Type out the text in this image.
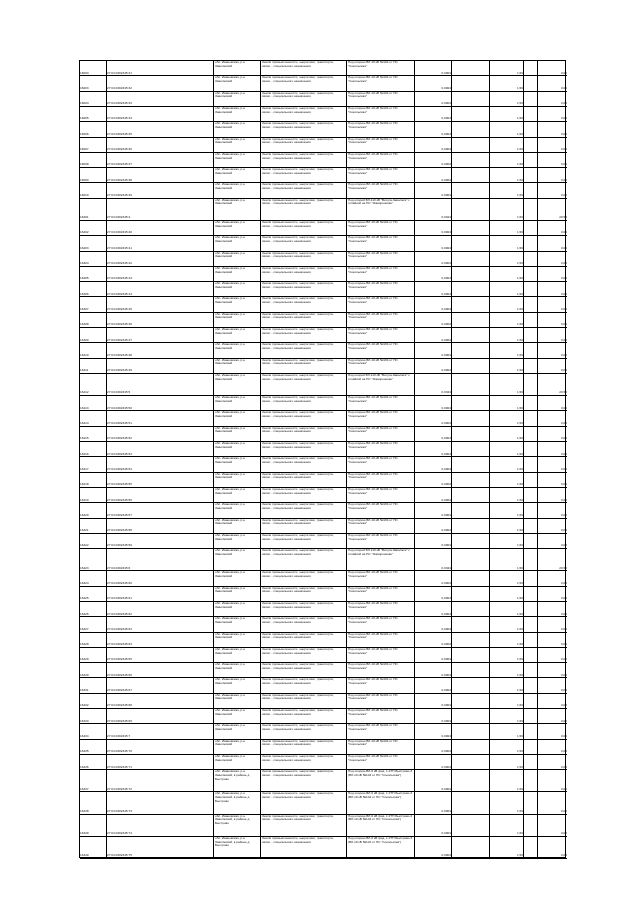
16003	27:04:0302345:31
обл. Ивановская, р-н Заволжский
Земли промышленности, энергетики, транспорта, связи... специального назначения
Под опорою ВЛ-10 кВ №104 от ПС "Сокольская"
0,0004	1,50	0,06
16003	27:04:0302345:32
обл. Ивановская, р-н Заволжский
Земли промышленности, энергетики, транспорта, связи... специального назначения
Под опорою ВЛ-10 кВ №104 от ПС "Сокольская"
0,0004	1,50	0,06
16004	27:04:0302345:33
обл. Ивановская, р-н Заволжский
Земли промышленности, энергетики, транспорта, связи... специального назначения
Под опорою ВЛ-10 кВ №104 от ПС "Сокольская"
0,0004	1,50	0,06
16005	27:04:0302345:34
обл. Ивановская, р-н Заволжский
Земли промышленности, энергетики, транспорта, связи... специального назначения
Под опорою ВЛ-10 кВ №104 от ПС "Сокольская"
0,0004	1,50	0,06
16006	27:04:0302345:35
обл. Ивановская, р-н Заволжский
Земли промышленности, энергетики, транспорта, связи... специального назначения
Под опорою ВЛ-10 кВ №104 от ПС "Сокольская"
0,0004	1,50	0,06
16007	27:04:0302345:36
обл. Ивановская, р-н Заволжский
Земли промышленности, энергетики, транспорта, связи... специального назначения
Под опорою ВЛ-10 кВ №104 от ПС "Сокольская"
0,0004	1,50	0,06
16008	27:04:0302345:37
обл. Ивановская, р-н Заволжский
Земли промышленности, энергетики, транспорта, связи... специального назначения
Под опорою ВЛ-10 кВ №104 от ПС "Сокольская"
0,0004	1,50	0,06
16009	27:04:0302345:38
обл. Ивановская, р-н Заволжский
Земли промышленности, энергетики, транспорта, связи... специального назначения
Под опорою ВЛ-10 кВ №104 от ПС "Сокольская"
0,0004	1,50	0,06
16010	27:04:0302345:39
обл. Ивановская, р-н Заволжский
Земли промышленности, энергетики, транспорта, связи... специального назначения
Под опорою ВЛ-10 кВ №104 от ПС "Сокольская"
0,0004	1,50	0,06
16401	27:04:0302345:4
обл. Ивановская, р-н Заволжский
Земли промышленности, энергетики, транспорта, связи... специального назначения
Под опорой ВЛ-110 кВ "Вичуга-Заволжск" с отпайкой на ПС "Жаворонково"
0,0324	1,50	20,50
16402	27:04:0302345:40
обл. Ивановская, р-н Заволжский
Земли промышленности, энергетики, транспорта, связи... специального назначения
Под опорою ВЛ-10 кВ №104 от ПС "Сокольская"
0,0004	1,50	0,06
16403	27:04:0302345:41
обл. Ивановская, р-н Заволжский
Земли промышленности, энергетики, транспорта, связи... специального назначения
Под опорою ВЛ-10 кВ №104 от ПС "Сокольская"
0,0004	1,50	0,06
16404	27:04:0302345:42
обл. Ивановская, р-н Заволжский
Земли промышленности, энергетики, транспорта, связи... специального назначения
Под опорою ВЛ-10 кВ №104 от ПС "Сокольская"
0,0004	1,50	0,06
16405	27:04:0302345:43
обл. Ивановская, р-н Заволжский
Земли промышленности, энергетики, транспорта, связи... специального назначения
Под опорою ВЛ-10 кВ №104 от ПС "Сокольская"
0,0004	1,50	0,06
16406	27:04:0302345:44
обл. Ивановская, р-н Заволжский
Земли промышленности, энергетики, транспорта, связи... специального назначения
Под опорою ВЛ-10 кВ №104 от ПС "Сокольская"
0,0004	1,50	0,06
16407	27:04:0302345:45
обл. Ивановская, р-н Заволжский
Земли промышленности, энергетики, транспорта, связи... специального назначения
Под опорою ВЛ-10 кВ №104 от ПС "Сокольская"
0,0004	1,50	0,06
16408	27:04:0302345:46
обл. Ивановская, р-н Заволжский
Земли промышленности, энергетики, транспорта, связи... специального назначения
Под опорою ВЛ-10 кВ №104 от ПС "Сокольская"
0,0004	1,50	0,06
16409	27:04:0302345:47
обл. Ивановская, р-н Заволжский
Земли промышленности, энергетики, транспорта, связи... специального назначения
Под опорою ВЛ-10 кВ №104 от ПС "Сокольская"
0,0004	1,50	0,06
16410	27:04:0302345:48
обл. Ивановская, р-н Заволжский
Земли промышленности, энергетики, транспорта, связи... специального назначения
Под опорою ВЛ-10 кВ №104 от ПС "Сокольская"
0,0004	1,50	0,06
16411	27:04:0302345:49
обл. Ивановская, р-н Заволжский
Земли промышленности, энергетики, транспорта, связи... специального назначения
Под опорою ВЛ-10 кВ №104 от ПС "Сокольская"
0,0004	1,50	0,06
16412	27:04:0302345:5
обл. Ивановская, р-н Заволжский
Земли промышленности, энергетики, транспорта, связи... специального назначения
Под опорой ВЛ-110 кВ "Вичуга-Заволжск" с отпайкой на ПС "Жаворонково"
0,0324	1,50	20,50
16413	27:04:0302345:50
обл. Ивановская, р-н Заволжский
Земли промышленности, энергетики, транспорта, связи... специального назначения
Под опорою ВЛ-10 кВ №104 от ПС "Сокольская"
0,0004	1,50	0,06
16414	27:04:0302345:51
обл. Ивановская, р-н Заволжский
Земли промышленности, энергетики, транспорта, связи... специального назначения
Под опорою ВЛ-10 кВ №104 от ПС "Сокольская"
0,0004	1,50	0,06
16415	27:04:0302345:52
обл. Ивановская, р-н Заволжский
Земли промышленности, энергетики, транспорта, связи... специального назначения
Под опорою ВЛ-10 кВ №104 от ПС "Сокольская"
0,0004	1,50	0,06
16416	27:04:0302345:53
обл. Ивановская, р-н Заволжский
Земли промышленности, энергетики, транспорта, связи... специального назначения
Под опорою ВЛ-10 кВ №104 от ПС "Сокольская"
0,0004	1,50	0,06
16417	27:04:0302345:54
обл. Ивановская, р-н Заволжский
Земли промышленности, энергетики, транспорта, связи... специального назначения
Под опорою ВЛ-10 кВ №104 от ПС "Сокольская"
0,0004	1,50	0,06
16418	27:04:0302345:55
обл. Ивановская, р-н Заволжский
Земли промышленности, энергетики, транспорта, связи... специального назначения
Под опорою ВЛ-10 кВ №104 от ПС "Сокольская"
0,0004	1,50	0,06
16419	27:04:0302345:56
обл. Ивановская, р-н Заволжский
Земли промышленности, энергетики, транспорта, связи... специального назначения
Под опорою ВЛ-10 кВ №104 от ПС "Сокольская"
0,0004	1,50	0,06
16420	27:04:0302345:57
обл. Ивановская, р-н Заволжский
Земли промышленности, энергетики, транспорта, связи... специального назначения
Под опорою ВЛ-10 кВ №104 от ПС "Сокольская"
0,0004	1,50	0,06
16421	27:04:0302345:58
обл. Ивановская, р-н Заволжский
Земли промышленности, энергетики, транспорта, связи... специального назначения
Под опорою ВЛ-10 кВ №104 от ПС "Сокольская"
0,0004	1,50	0,06
16422	27:04:0302345:59
обл. Ивановская, р-н Заволжский
Земли промышленности, энергетики, транспорта, связи... специального назначения
Под опорою ВЛ-10 кВ №104 от ПС "Сокольская"
0,0004	1,50	0,06
16423	27:04:0302345:6
обл. Ивановская, р-н Заволжский
Земли промышленности, энергетики, транспорта, связи... специального назначения
Под опорой ВЛ-110 кВ "Вичуга-Заволжск" с отпайкой на ПС "Жаворонково"
0,0324	1,50	20,50
16424	27:04:0302345:60
обл. Ивановская, р-н Заволжский
Земли промышленности, энергетики, транспорта, связи... специального назначения
Под опорою ВЛ-10 кВ №104 от ПС "Сокольская"
0,0004	1,50	0,06
16425	27:04:0302345:61
обл. Ивановская, р-н Заволжский
Земли промышленности, энергетики, транспорта, связи... специального назначения
Под опорою ВЛ-10 кВ №104 от ПС "Сокольская"
0,0004	1,50	0,06
16426	27:04:0302345:62
обл. Ивановская, р-н Заволжский
Земли промышленности, энергетики, транспорта, связи... специального назначения
Под опорою ВЛ-10 кВ №104 от ПС "Сокольская"
0,0004	1,50	0,06
16427	27:04:0302345:63
обл. Ивановская, р-н Заволжский
Земли промышленности, энергетики, транспорта, связи... специального назначения
Под опорою ВЛ-10 кВ №104 от ПС "Сокольская"
0,0004	1,50	0,06
16428	27:04:0302345:64
обл. Ивановская, р-н Заволжский
Земли промышленности, энергетики, транспорта, связи... специального назначения
Под опорою ВЛ-10 кВ №104 от ПС "Сокольская"
0,0004	1,50	0,06
16429	27:04:0302345:65
обл. Ивановская, р-н Заволжский
Земли промышленности, энергетики, транспорта, связи... специального назначения
Под опорою ВЛ-10 кВ №104 от ПС "Сокольская"
0,0004	1,50	0,06
16430	27:04:0302345:66
обл. Ивановская, р-н Заволжский
Земли промышленности, энергетики, транспорта, связи... специального назначения
Под опорою ВЛ-10 кВ №104 от ПС "Сокольская"
0,0004	1,50	0,06
16431	27:04:0302345:67
обл. Ивановская, р-н Заволжский
Земли промышленности, энергетики, транспорта, связи... специального назначения
Под опорою ВЛ-10 кВ №104 от ПС "Сокольская"
0,0004	1,50	0,06
16432	27:04:0302345:68
обл. Ивановская, р-н Заволжский
Земли промышленности, энергетики, транспорта, связи... специального назначения
Под опорою ВЛ-10 кВ №104 от ПС "Сокольская"
0,0004	1,50	0,06
16433	27:04:0302345:69
обл. Ивановская, р-н Заволжский
Земли промышленности, энергетики, транспорта, связи... специального назначения
Под опорою ВЛ-10 кВ №104 от ПС "Сокольская"
0,0004	1,50	0,06
16434	27:04:0302345:7
обл. Ивановская, р-н Заволжский
Земли промышленности, энергетики, транспорта, связи... специального назначения
Под опорою ВЛ-10 кВ №104 от ПС "Сокольская"
0,0004	1,50	0,06
16435	27:04:0302345:70
обл. Ивановская, р-н Заволжский
Земли промышленности, энергетики, транспорта, связи... специального назначения
Под опорою ВЛ-10 кВ №104 от ПС "Сокольская"
0,0004	1,50	0,06
16436	27:04:0302345:71
обл. Ивановская, р-н Заволжский
Земли промышленности, энергетики, транспорта, связи... специального назначения
Под опорою ВЛ-10 кВ №104 от ПС "Сокольская"
0,0004	1,50	0,06
16437	27:04:0302345:72
обл. Ивановская, р-н Заволжский, в районе д. Быстрово
Земли промышленности, энергетики, транспорта, связи... специального назначения
Под опорою ВЛ-6 кВ фид. 1 КТП Быстрово-3 (ВЛ-10 кВ №104 от ПС "Сокольская")
0,0004	1,50	0,06
16438	27:04:0302345:73
обл. Ивановская, р-н Заволжский, в районе д. Быстрово
Земли промышленности, энергетики, транспорта, связи... специального назначения
Под опорою ВЛ-6 кВ фид. 1 КТП Быстрово-3 (ВЛ-10 кВ №104 от ПС "Сокольская")
0,0004	1,50	0,06
16439	27:04:0302345:74
обл. Ивановская, р-н Заволжский, в районе д. Быстрово
Земли промышленности, энергетики, транспорта, связи... специального назначения
Под опорою ВЛ-6 кВ фид. 1 КТП Быстрово-3 (ВЛ-10 кВ №104 от ПС "Сокольская")
0,0004	1,50	0,06
16440	27:04:0302345:75
обл. Ивановская, р-н Заволжский, в районе д. Быстрово
Земли промышленности, энергетики, транспорта, связи... специального назначения
Под опорою ВЛ-6 кВ фид. 1 КТП Быстрово-3 (ВЛ-10 кВ №104 от ПС "Сокольская")
0,0004	1,50	0,06
